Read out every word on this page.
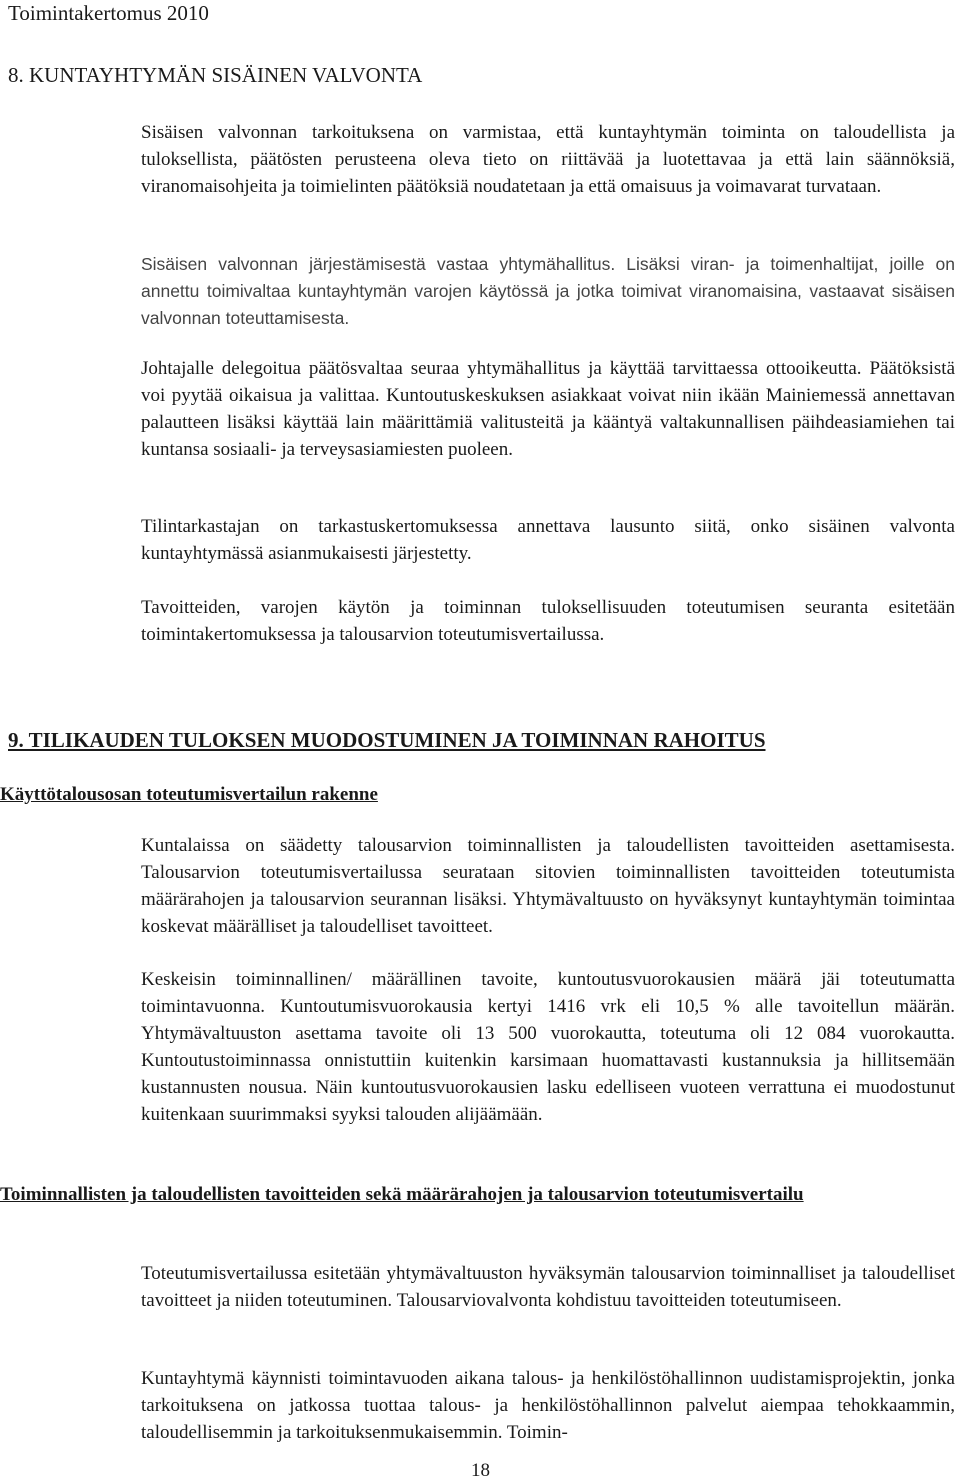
Toimintakertomus 2010
8. KUNTAYHTYMÄN SISÄINEN VALVONTA

Sisäisen valvonnan tarkoituksena on varmistaa, että kuntayhtymän toiminta on taloudellista ja tuloksellista, päätösten perusteena oleva tieto on riittävää ja luotettavaa ja että lain säännöksiä, viranomaisohjeita ja toimielinten päätöksiä noudatetaan ja että omaisuus ja voimavarat turvataan.

Sisäisen valvonnan järjestämisestä vastaa yhtymähallitus. Lisäksi viran- ja toimenhaltijat, joille on annettu toimivaltaa kuntayhtymän varojen käytössä ja jotka toimivat viranomaisina, vastaavat sisäisen valvonnan toteuttamisesta.

Johtajalle delegoitua päätösvaltaa seuraa yhtymähallitus ja käyttää tarvittaessa ottooikeutta. Päätöksistä voi pyytää oikaisua ja valittaa. Kuntoutuskeskuksen asiakkaat voivat niin ikään Mainiemessä annettavan palautteen lisäksi käyttää lain määrittämiä valitusteitä ja kääntyä valtakunnallisen päihdeasiamiehen tai kuntansa sosiaali- ja terveysasiamiesten puoleen.

Tilintarkastajan on tarkastuskertomuksessa annettava lausunto siitä, onko sisäinen valvonta kuntayhtymässä asianmukaisesti järjestetty.

Tavoitteiden, varojen käytön ja toiminnan tuloksellisuuden toteutumisen seuranta esitetään toimintakertomuksessa ja talousarvion toteutumisvertailussa.

9. TILIKAUDEN TULOKSEN MUODOSTUMINEN JA TOIMINNAN RAHOITUS
Käyttötalousosan toteutumisvertailun rakenne

Kuntalaissa on säädetty talousarvion toiminnallisten ja taloudellisten tavoitteiden asettamisesta. Talousarvion toteutumisvertailussa seurataan sitovien toiminnallisten tavoitteiden toteutumista määrärahojen ja talousarvion seurannan lisäksi. Yhtymävaltuusto on hyväksynyt kuntayhtymän toimintaa koskevat määrälliset ja taloudelliset tavoitteet.

Keskeisin toiminnallinen/ määrällinen tavoite, kuntoutusvuorokausien määrä jäi toteutumatta toimintavuonna. Kuntoutumisvuorokausia kertyi 1416 vrk eli 10,5 % alle tavoitellun määrän. Yhtymävaltuuston asettama tavoite oli 13 500 vuorokautta, toteutuma oli 12 084 vuorokautta. Kuntoutustoiminnassa onnistuttiin kuitenkin karsimaan huomattavasti kustannuksia ja hillitsemään kustannusten nousua. Näin kuntoutusvuorokausien lasku edelliseen vuoteen verrattuna ei muodostunut kuitenkaan suurimmaksi syyksi talouden alijäämään.

Toiminnallisten ja taloudellisten tavoitteiden sekä määrärahojen ja talousarvion toteutumisvertailu

Toteutumisvertailussa esitetään yhtymävaltuuston hyväksymän talousarvion toiminnalliset ja taloudelliset tavoitteet ja niiden toteutuminen. Talousarviovalvonta kohdistuu tavoitteiden toteutumiseen.

Kuntayhtymä käynnisti toimintavuoden aikana talous- ja henkilöstöhallinnon uudistamisprojektin, jonka tarkoituksena on jatkossa tuottaa talous- ja henkilöstöhallinnon palvelut aiempaa tehokkaammin, taloudellisemmin ja tarkoituksenmukaisemmin. Toimin-

18
